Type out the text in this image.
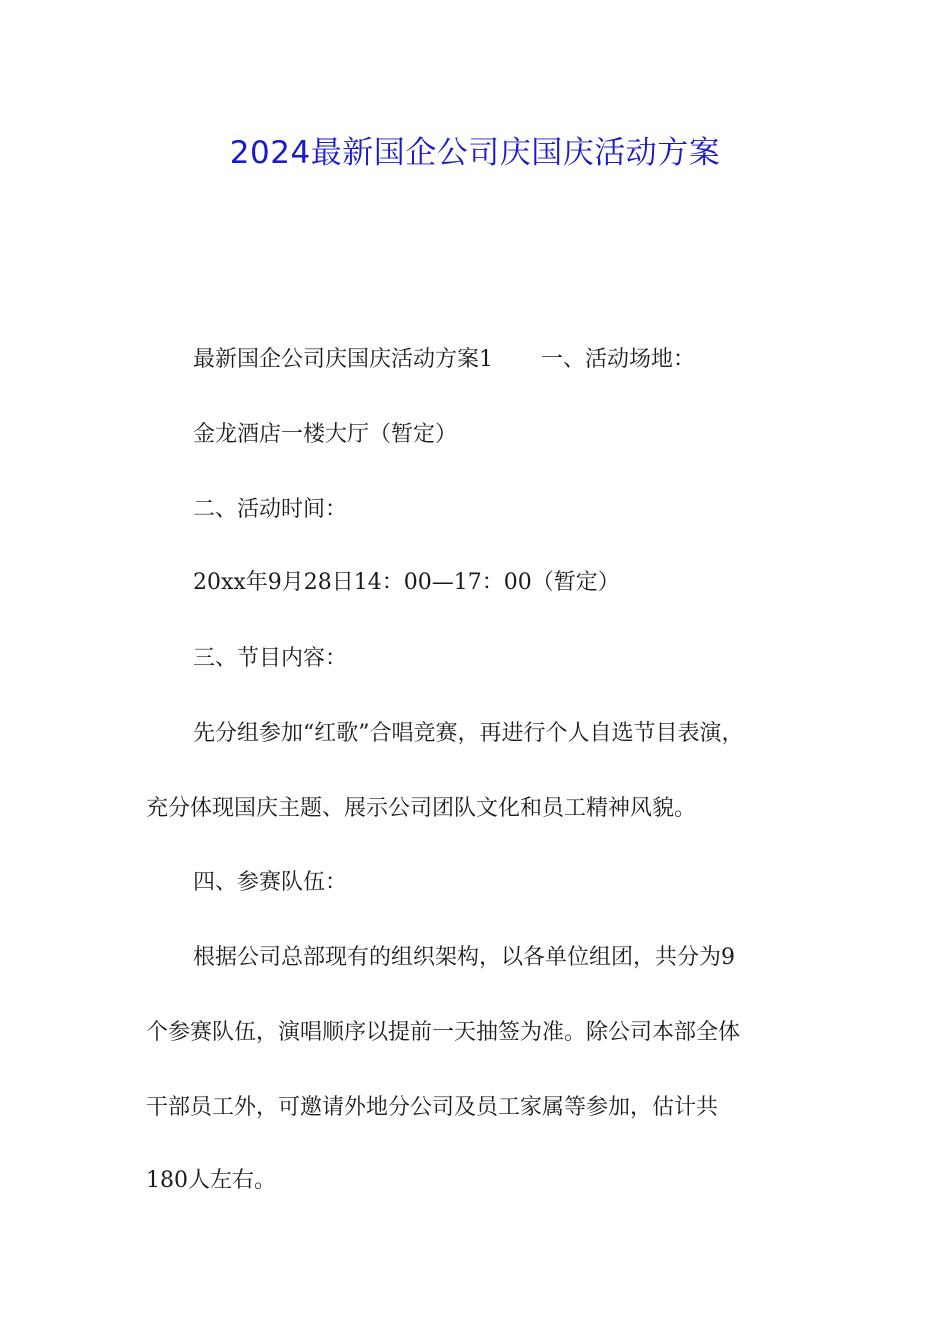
2024最新国企公司庆国庆活动方案

最新国企公司庆国庆活动方案1 一、活动场地：

金龙酒店一楼大厅（暂定）

二、活动时间：

20xx年9月28日14：00—17：00（暂定）

三、节目内容：

先分组参加“红歌”合唱竞赛，再进行个人自选节目表演，

充分体现国庆主题、展示公司团队文化和员工精神风貌。

四、参赛队伍：

根据公司总部现有的组织架构，以各单位组团，共分为9

个参赛队伍，演唱顺序以提前一天抽签为准。除公司本部全体

干部员工外，可邀请外地分公司及员工家属等参加，估计共

180人左右。
